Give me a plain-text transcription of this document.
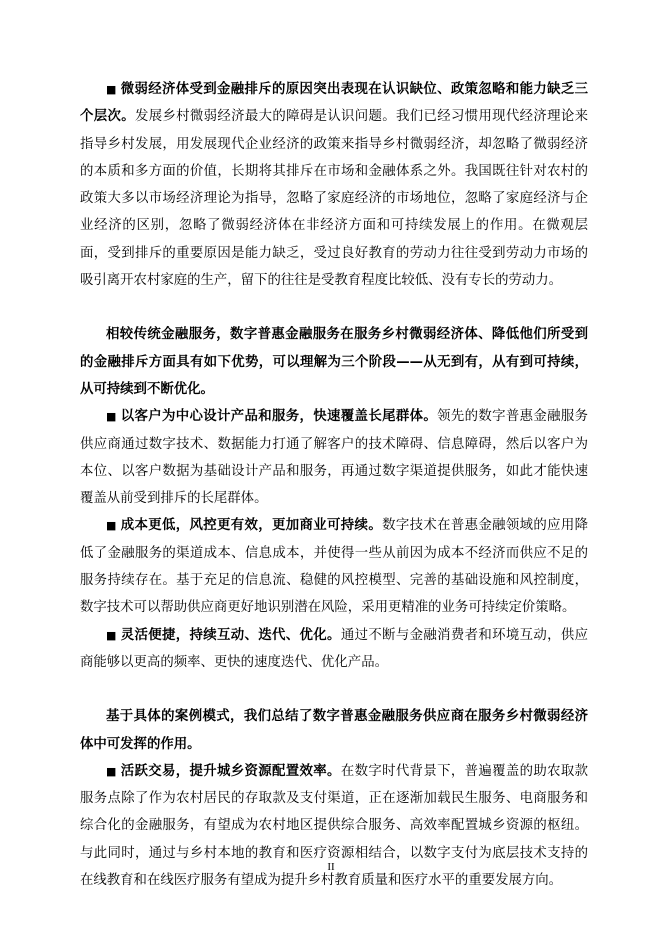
■ 微弱经济体受到金融排斥的原因突出表现在认识缺位、政策忽略和能力缺乏三个层次。发展乡村微弱经济最大的障碍是认识问题。我们已经习惯用现代经济理论来指导乡村发展，用发展现代企业经济的政策来指导乡村微弱经济，却忽略了微弱经济的本质和多方面的价值，长期将其排斥在市场和金融体系之外。我国既往针对农村的政策大多以市场经济理论为指导，忽略了家庭经济的市场地位，忽略了家庭经济与企业经济的区别，忽略了微弱经济体在非经济方面和可持续发展上的作用。在微观层面，受到排斥的重要原因是能力缺乏，受过良好教育的劳动力往往受到劳动力市场的吸引离开农村家庭的生产，留下的往往是受教育程度比较低、没有专长的劳动力。

相较传统金融服务，数字普惠金融服务在服务乡村微弱经济体、降低他们所受到的金融排斥方面具有如下优势，可以理解为三个阶段——从无到有，从有到可持续，从可持续到不断优化。

■ 以客户为中心设计产品和服务，快速覆盖长尾群体。领先的数字普惠金融服务供应商通过数字技术、数据能力打通了解客户的技术障碍、信息障碍，然后以客户为本位、以客户数据为基础设计产品和服务，再通过数字渠道提供服务，如此才能快速覆盖从前受到排斥的长尾群体。

■ 成本更低，风控更有效，更加商业可持续。数字技术在普惠金融领域的应用降低了金融服务的渠道成本、信息成本，并使得一些从前因为成本不经济而供应不足的服务持续存在。基于充足的信息流、稳健的风控模型、完善的基础设施和风控制度，数字技术可以帮助供应商更好地识别潜在风险，采用更精准的业务可持续定价策略。

■ 灵活便捷，持续互动、迭代、优化。通过不断与金融消费者和环境互动，供应商能够以更高的频率、更快的速度迭代、优化产品。

基于具体的案例模式，我们总结了数字普惠金融服务供应商在服务乡村微弱经济体中可发挥的作用。

■ 活跃交易，提升城乡资源配置效率。在数字时代背景下，普遍覆盖的助农取款服务点除了作为农村居民的存取款及支付渠道，正在逐渐加载民生服务、电商服务和综合化的金融服务，有望成为农村地区提供综合服务、高效率配置城乡资源的枢纽。与此同时，通过与乡村本地的教育和医疗资源相结合，以数字支付为底层技术支持的在线教育和在线医疗服务有望成为提升乡村教育质量和医疗水平的重要发展方向。

II
